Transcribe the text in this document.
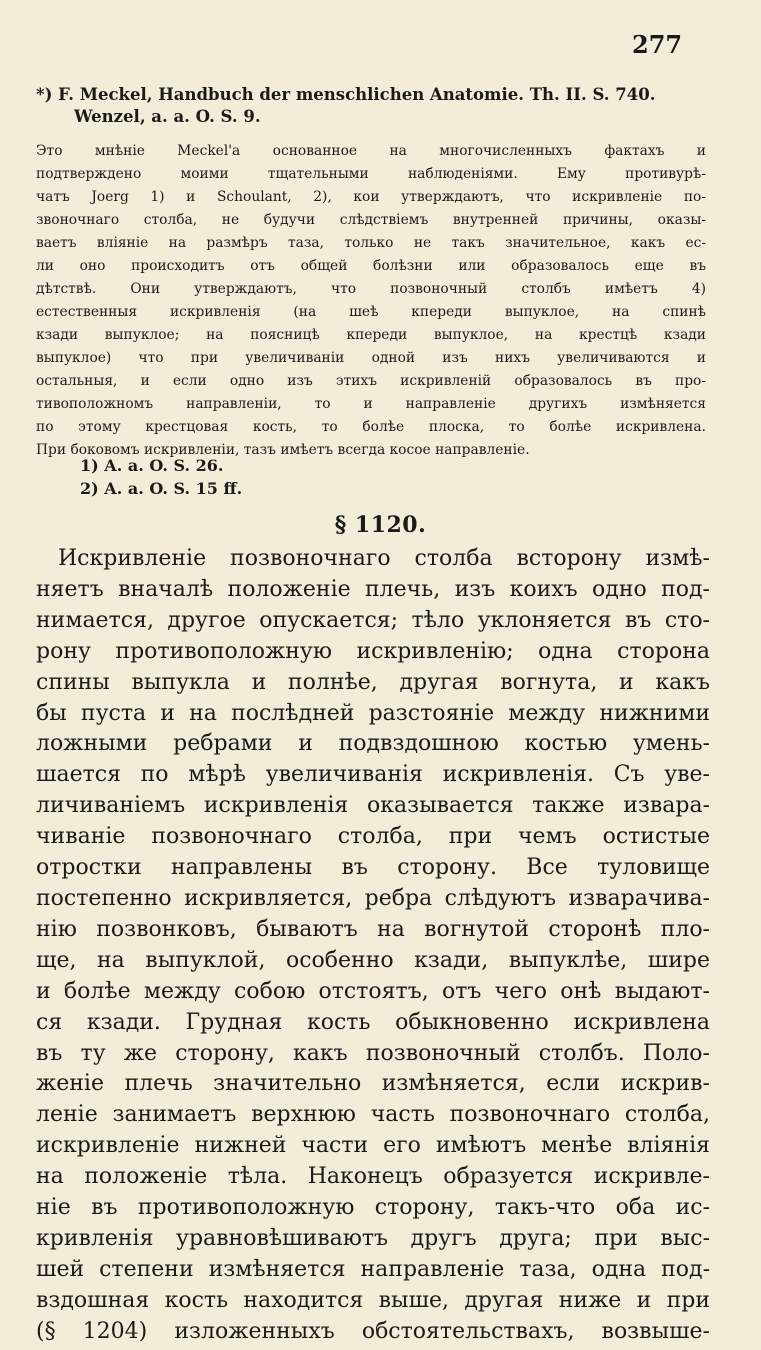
277
*) F. Meckel, Handbuch der menschlichen Anatomie. Th. II. S. 740.
Wenzel, a. a. O. S. 9.

Это мнѣніе Meckel'а основанное на многочисленныхъ фактахъ и
подтверждено моими тщательными наблюденіями. Ему противурѣ-
чатъ Joerg 1) и Schoulant, 2), кои утверждаютъ, что искривленіе по-
звоночнаго столба, не будучи слѣдствіемъ внутренней причины, оказы-
ваетъ вліяніе на размѣръ таза, только не такъ значительное, какъ ес-
ли оно происходитъ отъ общей болѣзни или образовалось еще въ
дѣтствѣ. Они утверждаютъ, что позвоночный столбъ имѣетъ 4)
естественныя искривленія (на шеѣ кпереди выпуклое, на спинѣ
кзади выпуклое; на поясницѣ кпереди выпуклое, на крестцѣ кзади
выпуклое) что при увеличиваніи одной изъ нихъ увеличиваются и
остальныя, и если одно изъ этихъ искривленій образовалось въ про-
тивоположномъ направленіи, то и направленіе другихъ измѣняется
по этому крестцовая кость, то болѣе плоска, то болѣе искривлена.
При боковомъ искривленіи, тазъ имѣетъ всегда косое направленіе.

1) A. a. O. S. 26.
2) A. a. O. S. 15 ff.
§ 1120.

Искривленіе позвоночнаго столба всторону измѣ-
няетъ вначалѣ положеніе плечь, изъ коихъ одно под-
нимается, другое опускается; тѣло уклоняется въ сто-
рону противоположную искривленію; одна сторона
спины выпукла и полнѣе, другая вогнута, и какъ
бы пуста и на послѣдней разстояніе между нижними
ложными ребрами и подвздошною костью умень-
шается по мѣрѣ увеличиванія искривленія. Съ уве-
личиваніемъ искривленія оказывается также извара-
чиваніе позвоночнаго столба, при чемъ остистые
отростки направлены въ сторону. Все туловище
постепенно искривляется, ребра слѣдуютъ изварачива-
нію позвонковъ, бываютъ на вогнутой сторонѣ пло-
ще, на выпуклой, особенно кзади, выпуклѣе, шире
и болѣе между собою отстоятъ, отъ чего онѣ выдают-
ся кзади. Грудная кость обыкновенно искривлена
въ ту же сторону, какъ позвоночный столбъ. Поло-
женіе плечь значительно измѣняется, если искрив-
леніе занимаетъ верхнюю часть позвоночнаго столба,
искривленіе нижней части его имѣютъ менѣе вліянія
на положеніе тѣла. Наконецъ образуется искривле-
ніе въ противоположную сторону, такъ-что оба ис-
кривленія уравновѣшиваютъ другъ друга; при выс-
шей степени измѣняется направленіе таза, одна под-
вздошная кость находится выше, другая ниже и при
(§ 1204) изложенныхъ обстоятельствахъ, возвыше-
